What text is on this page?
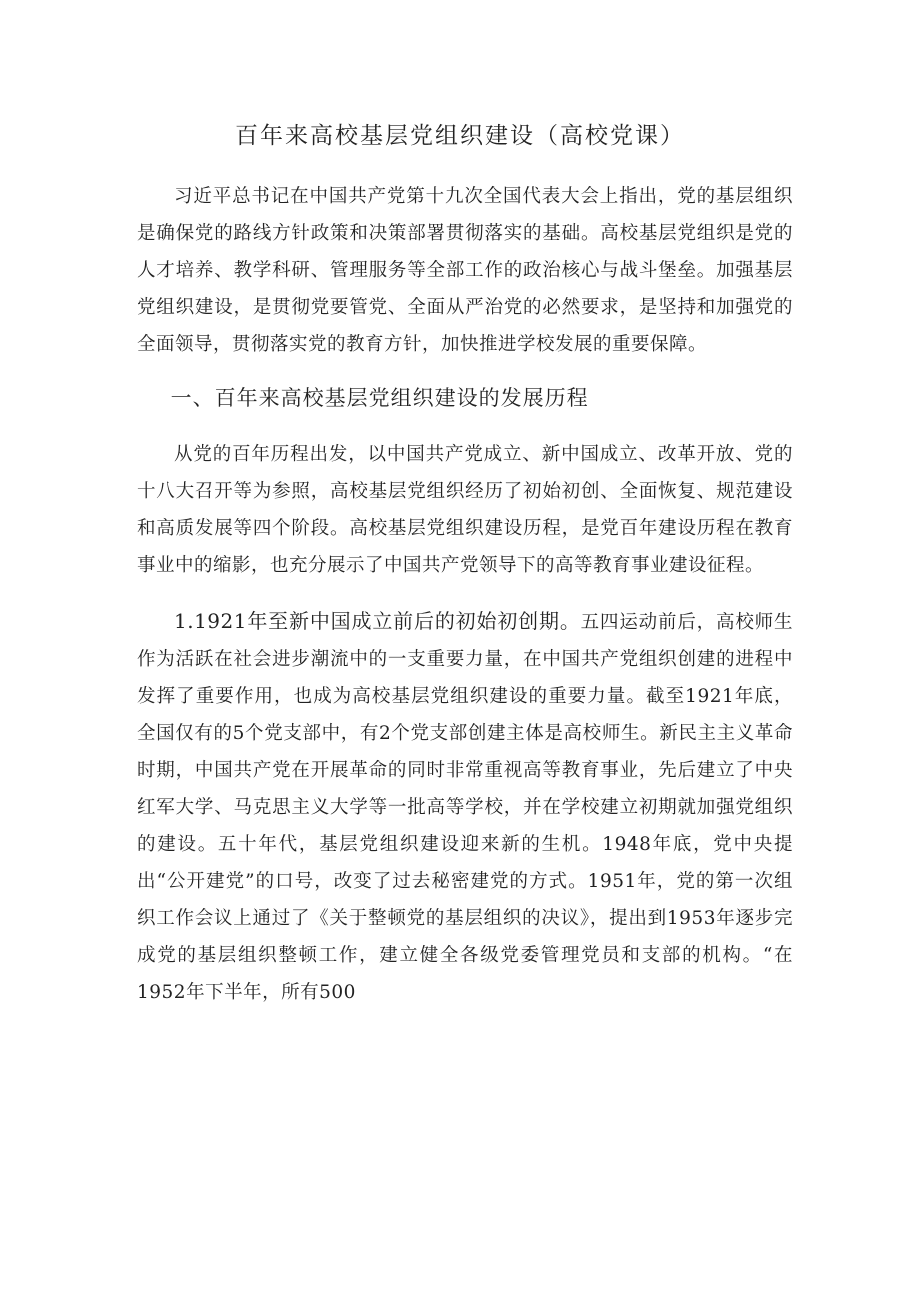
百年来高校基层党组织建设（高校党课）

习近平总书记在中国共产党第十九次全国代表大会上指出，党的基层组织是确保党的路线方针政策和决策部署贯彻落实的基础。高校基层党组织是党的人才培养、教学科研、管理服务等全部工作的政治核心与战斗堡垒。加强基层党组织建设，是贯彻党要管党、全面从严治党的必然要求，是坚持和加强党的全面领导，贯彻落实党的教育方针，加快推进学校发展的重要保障。

一、百年来高校基层党组织建设的发展历程

从党的百年历程出发，以中国共产党成立、新中国成立、改革开放、党的十八大召开等为参照，高校基层党组织经历了初始初创、全面恢复、规范建设和高质发展等四个阶段。高校基层党组织建设历程，是党百年建设历程在教育事业中的缩影，也充分展示了中国共产党领导下的高等教育事业建设征程。

1.1921年至新中国成立前后的初始初创期。五四运动前后，高校师生作为活跃在社会进步潮流中的一支重要力量，在中国共产党组织创建的进程中发挥了重要作用，也成为高校基层党组织建设的重要力量。截至1921年底，全国仅有的5个党支部中，有2个党支部创建主体是高校师生。新民主主义革命时期，中国共产党在开展革命的同时非常重视高等教育事业，先后建立了中央红军大学、马克思主义大学等一批高等学校，并在学校建立初期就加强党组织的建设。五十年代，基层党组织建设迎来新的生机。1948年底，党中央提出“公开建党”的口号，改变了过去秘密建党的方式。1951年，党的第一次组织工作会议上通过了《关于整顿党的基层组织的决议》，提出到1953年逐步完成党的基层组织整顿工作，建立健全各级党委管理党员和支部的机构。“在1952年下半年，所有500
